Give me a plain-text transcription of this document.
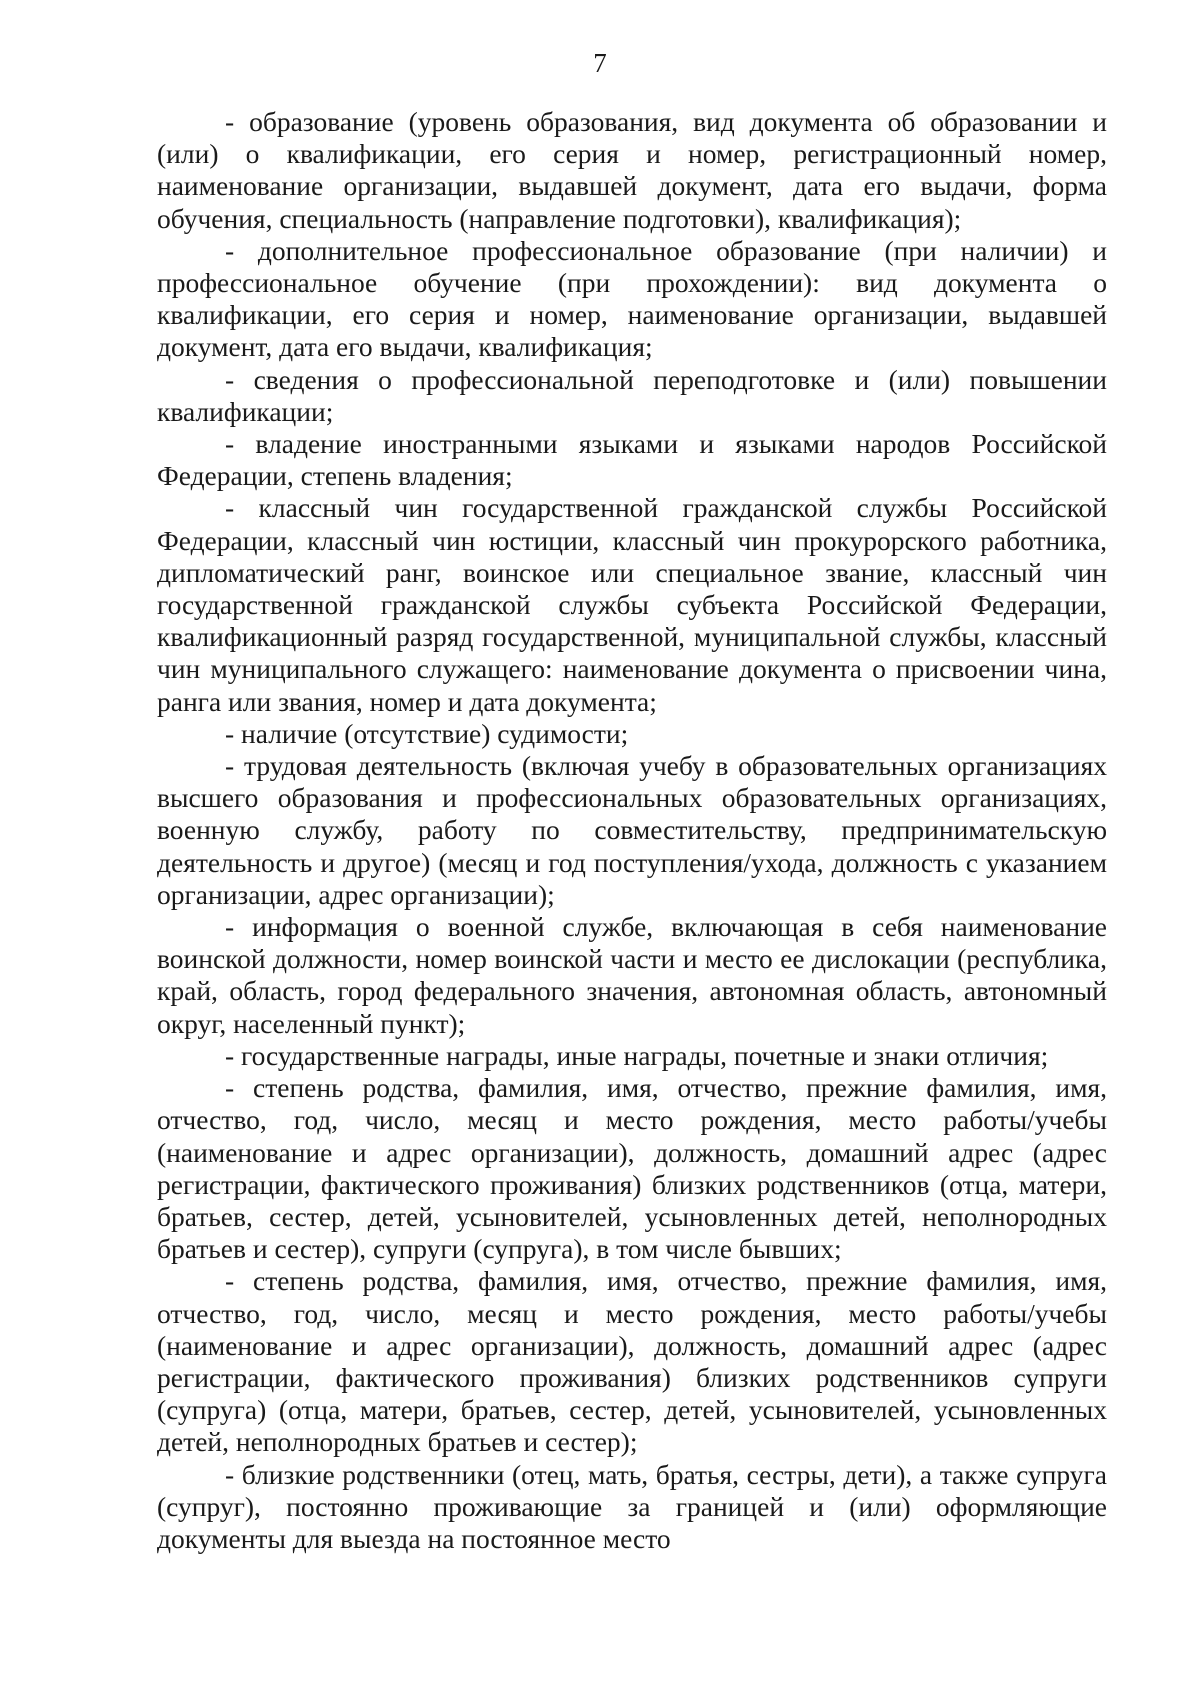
7

- образование (уровень образования, вид документа об образовании и (или) о квалификации, его серия и номер, регистрационный номер, наименование организации, выдавшей документ, дата его выдачи, форма обучения, специальность (направление подготовки), квалификация);

- дополнительное профессиональное образование (при наличии) и профессиональное обучение (при прохождении): вид документа о квалификации, его серия и номер, наименование организации, выдавшей документ, дата его выдачи, квалификация;

- сведения о профессиональной переподготовке и (или) повышении квалификации;

- владение иностранными языками и языками народов Российской Федерации, степень владения;

- классный чин государственной гражданской службы Российской Федерации, классный чин юстиции, классный чин прокурорского работника, дипломатический ранг, воинское или специальное звание, классный чин государственной гражданской службы субъекта Российской Федерации, квалификационный разряд государственной, муниципальной службы, классный чин муниципального служащего: наименование документа о присвоении чина, ранга или звания, номер и дата документа;

- наличие (отсутствие) судимости;

- трудовая деятельность (включая учебу в образовательных организациях высшего образования и профессиональных образовательных организациях, военную службу, работу по совместительству, предпринимательскую деятельность и другое) (месяц и год поступления/ухода, должность с указанием организации, адрес организации);

- информация о военной службе, включающая в себя наименование воинской должности, номер воинской части и место ее дислокации (республика, край, область, город федерального значения, автономная область, автономный округ, населенный пункт);

- государственные награды, иные награды, почетные и знаки отличия;

- степень родства, фамилия, имя, отчество, прежние фамилия, имя, отчество, год, число, месяц и место рождения, место работы/учебы (наименование и адрес организации), должность, домашний адрес (адрес регистрации, фактического проживания) близких родственников (отца, матери, братьев, сестер, детей, усыновителей, усыновленных детей, неполнородных братьев и сестер), супруги (супруга), в том числе бывших;

- степень родства, фамилия, имя, отчество, прежние фамилия, имя, отчество, год, число, месяц и место рождения, место работы/учебы (наименование и адрес организации), должность, домашний адрес (адрес регистрации, фактического проживания) близких родственников супруги (супруга) (отца, матери, братьев, сестер, детей, усыновителей, усыновленных детей, неполнородных братьев и сестер);

- близкие родственники (отец, мать, братья, сестры, дети), а также супруга (супруг), постоянно проживающие за границей и (или) оформляющие документы для выезда на постоянное место
